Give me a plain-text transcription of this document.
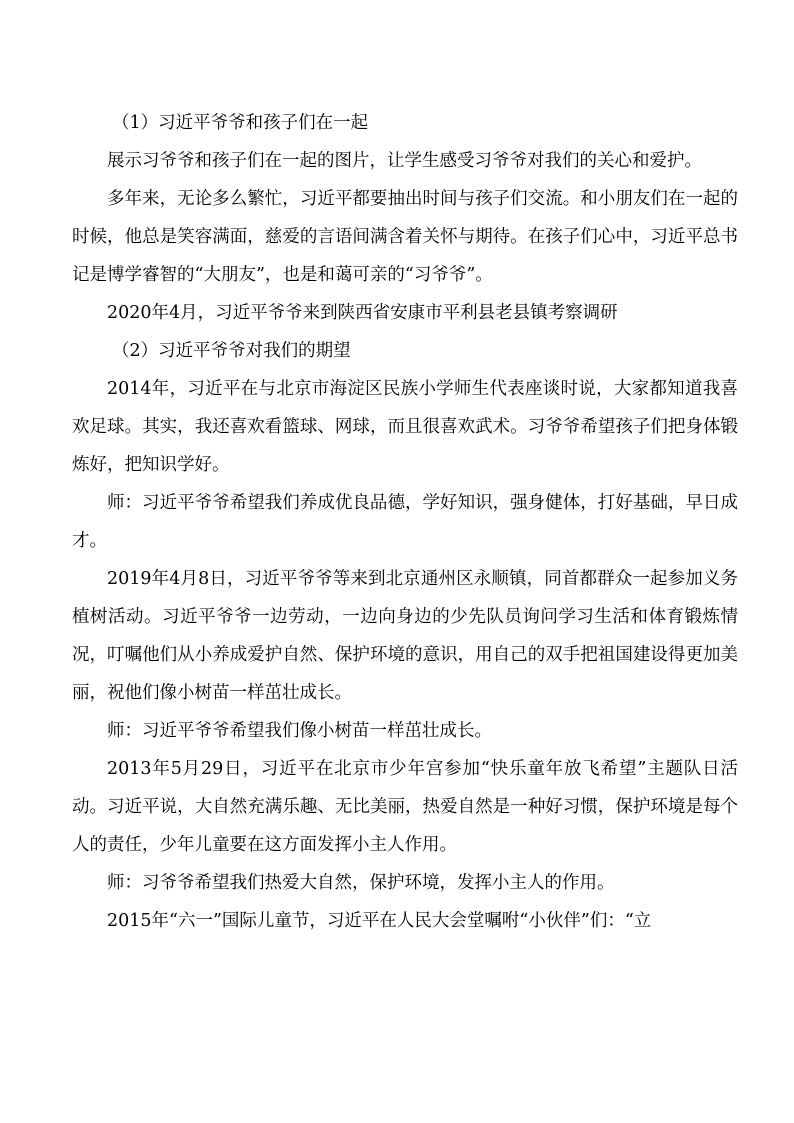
（1）习近平爷爷和孩子们在一起

展示习爷爷和孩子们在一起的图片，让学生感受习爷爷对我们的关心和爱护。

多年来，无论多么繁忙，习近平都要抽出时间与孩子们交流。和小朋友们在一起的时候，他总是笑容满面，慈爱的言语间满含着关怀与期待。在孩子们心中，习近平总书记是博学睿智的“大朋友”，也是和蔼可亲的“习爷爷”。

2020年4月，习近平爷爷来到陕西省安康市平利县老县镇考察调研

（2）习近平爷爷对我们的期望

2014年，习近平在与北京市海淀区民族小学师生代表座谈时说，大家都知道我喜欢足球。其实，我还喜欢看篮球、网球，而且很喜欢武术。习爷爷希望孩子们把身体锻炼好，把知识学好。

师：习近平爷爷希望我们养成优良品德，学好知识，强身健体，打好基础，早日成才。

2019年4月8日，习近平爷爷等来到北京通州区永顺镇，同首都群众一起参加义务植树活动。习近平爷爷一边劳动，一边向身边的少先队员询问学习生活和体育锻炼情况，叮嘱他们从小养成爱护自然、保护环境的意识，用自己的双手把祖国建设得更加美丽，祝他们像小树苗一样茁壮成长。

师：习近平爷爷希望我们像小树苗一样茁壮成长。

2013年5月29日，习近平在北京市少年宫参加“快乐童年放飞希望”主题队日活动。习近平说，大自然充满乐趣、无比美丽，热爱自然是一种好习惯，保护环境是每个人的责任，少年儿童要在这方面发挥小主人作用。

师：习爷爷希望我们热爱大自然，保护环境，发挥小主人的作用。

2015年“六一”国际儿童节，习近平在人民大会堂嘱咐“小伙伴”们：“立
